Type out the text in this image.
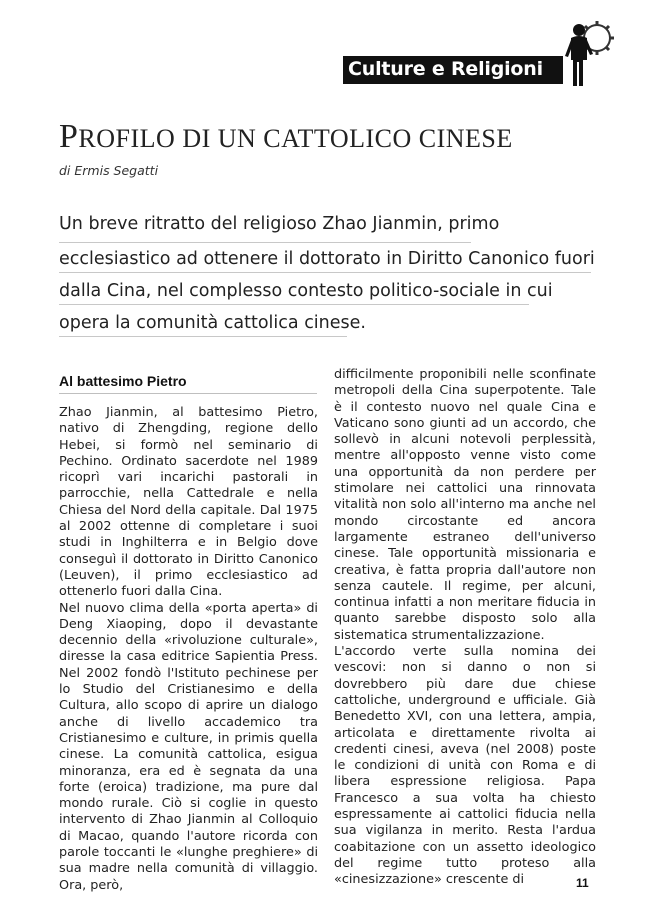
Culture e Religioni
PROFILO DI UN CATTOLICO CINESE
di Ermis Segatti
Un breve ritratto del religioso Zhao Jianmin, primo
ecclesiastico ad ottenere il dottorato in Diritto Canonico fuori
dalla Cina, nel complesso contesto politico-sociale in cui
opera la comunità cattolica cinese.
Al battesimo Pietro
Zhao Jianmin, al battesimo Pietro, nativo di Zhengding, regione dello Hebei, si formò nel seminario di Pechino. Ordinato sacerdote nel 1989 ricoprì vari incarichi pastorali in parrocchie, nella Cattedrale e nella Chiesa del Nord della capitale. Dal 1975 al 2002 ottenne di completare i suoi studi in Inghilterra e in Belgio dove conseguì il dottorato in Diritto Canonico (Leuven), il primo ecclesiastico ad ottenerlo fuori dalla Cina.
Nel nuovo clima della «porta aperta» di Deng Xiaoping, dopo il devastante decennio della «rivoluzione culturale», diresse la casa editrice Sapientia Press. Nel 2002 fondò l'Istituto pechinese per lo Studio del Cristianesimo e della Cultura, allo scopo di aprire un dialogo anche di livello accademico tra Cristianesimo e culture, in primis quella cinese. La comunità cattolica, esigua minoranza, era ed è segnata da una forte (eroica) tradizione, ma pure dal mondo rurale. Ciò si coglie in questo intervento di Zhao Jianmin al Colloquio di Macao, quando l'autore ricorda con parole toccanti le «lunghe preghiere» di sua madre nella comunità di villaggio. Ora, però,
difficilmente proponibili nelle sconfinate metropoli della Cina superpotente. Tale è il contesto nuovo nel quale Cina e Vaticano sono giunti ad un accordo, che sollevò in alcuni notevoli perplessità, mentre all'opposto venne visto come una opportunità da non perdere per stimolare nei cattolici una rinnovata vitalità non solo all'interno ma anche nel mondo circostante ed ancora largamente estraneo dell'universo cinese. Tale opportunità missionaria e creativa, è fatta propria dall'autore non senza cautele. Il regime, per alcuni, continua infatti a non meritare fiducia in quanto sarebbe disposto solo alla sistematica strumentalizzazione.
L'accordo verte sulla nomina dei vescovi: non si danno o non si dovrebbero più dare due chiese cattoliche, underground e ufficiale. Già Benedetto XVI, con una lettera, ampia, articolata e direttamente rivolta ai credenti cinesi, aveva (nel 2008) poste le condizioni di unità con Roma e di libera espressione religiosa. Papa Francesco a sua volta ha chiesto espressamente ai cattolici fiducia nella sua vigilanza in merito. Resta l'ardua coabitazione con un assetto ideologico del regime tutto proteso alla «cinesizzazione» crescente di	11
